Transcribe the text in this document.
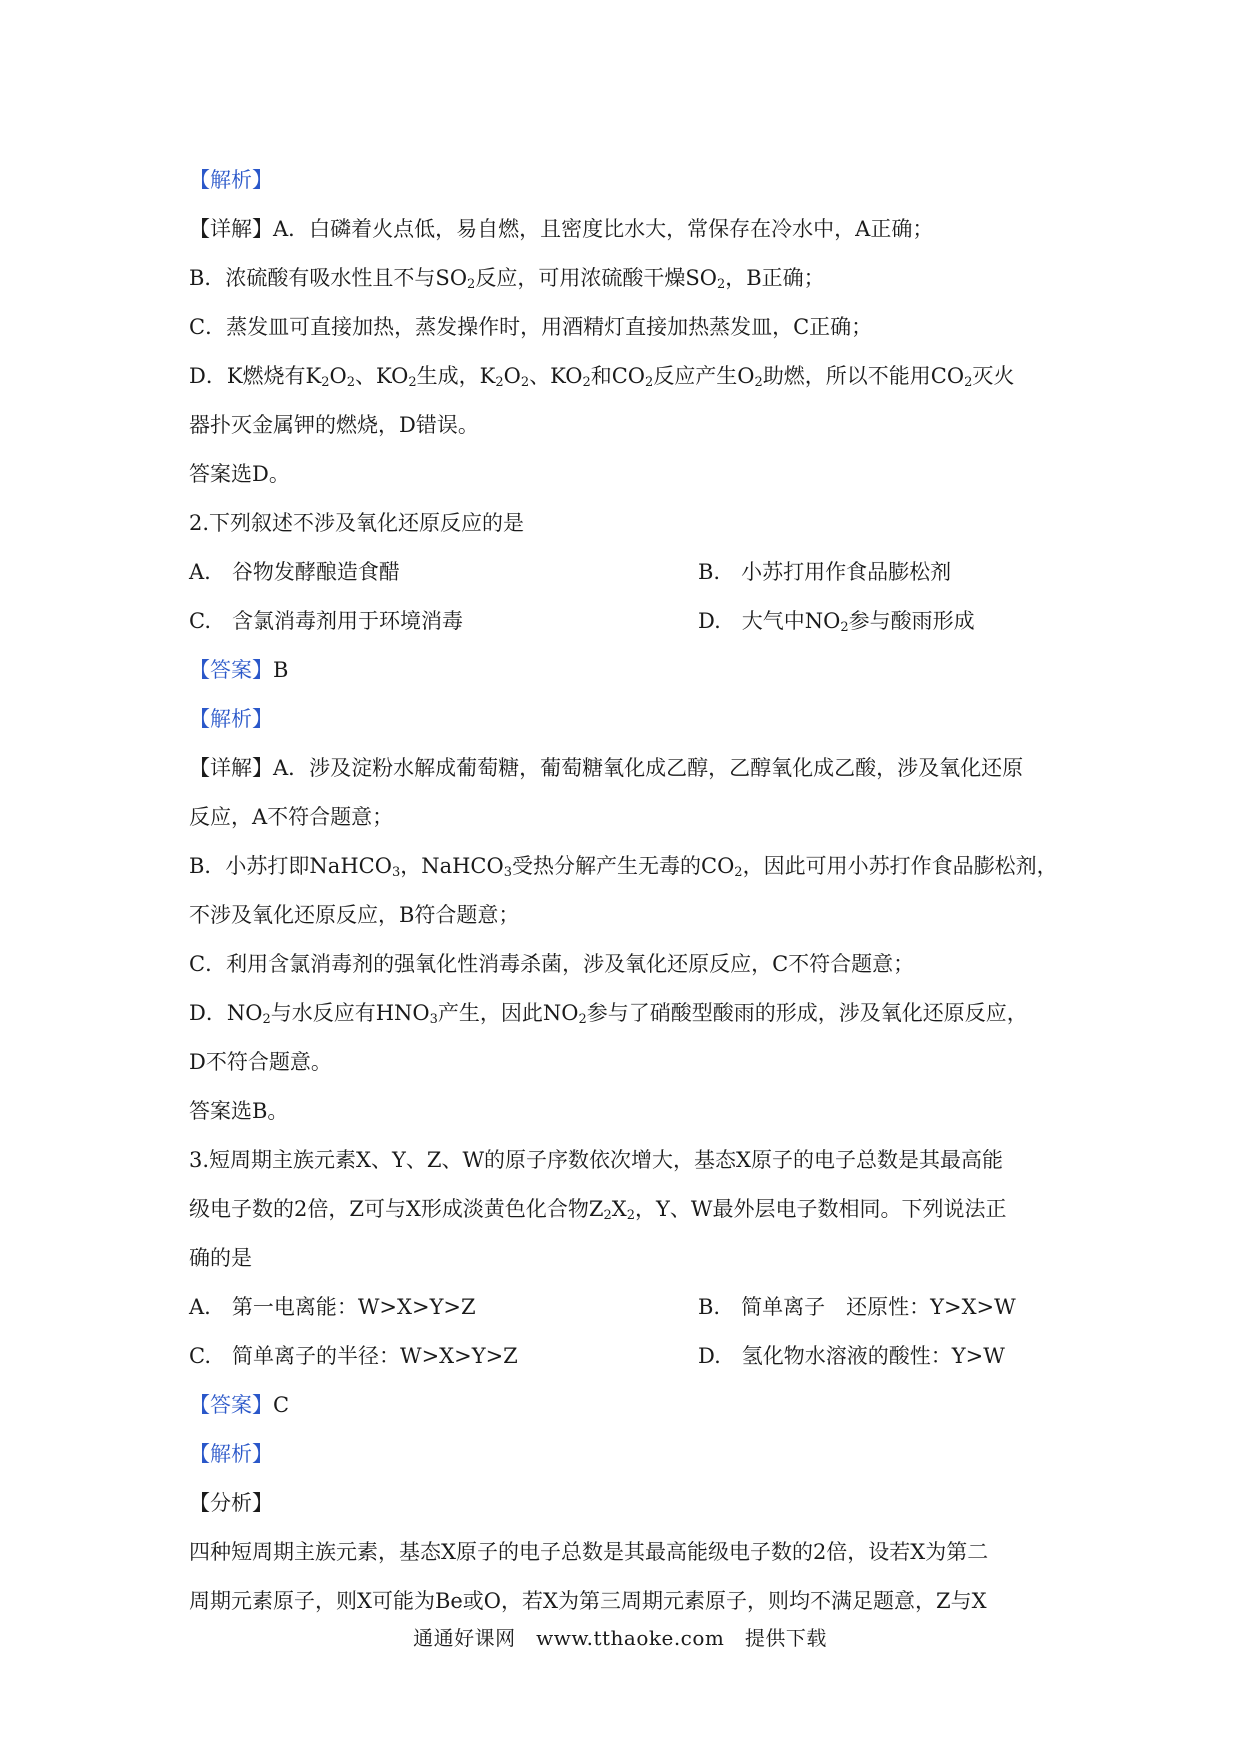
【解析】
【详解】A．白磷着火点低，易自燃，且密度比水大，常保存在冷水中，A正确；
B．浓硫酸有吸水性且不与$SO_2$反应，可用浓硫酸干燥$SO_2$，B正确；
C．蒸发皿可直接加热，蒸发操作时，用酒精灯直接加热蒸发皿，C正确；
D．K燃烧有$K_2O_2$、$KO_2$生成，$K_2O_2$、$KO_2$和$CO_2$反应产生$O_2$助燃，所以不能用$CO_2$灭火
器扑灭金属钾的燃烧，D错误。
答案选D。
2.下列叙述不涉及氧化还原反应的是
A.　谷物发酵酿造食醋	B.　小苏打用作食品膨松剂
C.　含氯消毒剂用于环境消毒	D.　大气中$NO_2$参与酸雨形成
【答案】B
【解析】
【详解】A．涉及淀粉水解成葡萄糖，葡萄糖氧化成乙醇，乙醇氧化成乙酸，涉及氧化还原
反应，A不符合题意；
B．小苏打即NaHCO$_3$，NaHCO$_3$受热分解产生无毒的$CO_2$，因此可用小苏打作食品膨松剂，
不涉及氧化还原反应，B符合题意；
C．利用含氯消毒剂的强氧化性消毒杀菌，涉及氧化还原反应，C不符合题意；
D．$NO_2$与水反应有$HNO_3$产生，因此$NO_2$参与了硝酸型酸雨的形成，涉及氧化还原反应，
D不符合题意。
答案选B。
3.短周期主族元素X、Y、Z、W的原子序数依次增大，基态X原子的电子总数是其最高能
级电子数的2倍，Z可与X形成淡黄色化合物$Z_2X_2$，Y、W最外层电子数相同。下列说法正
确的是
A.　第一电离能：W>X>Y>Z	B.　简单离子　还原性：Y>X>W
C.　简单离子的半径：W>X>Y>Z	D.　氢化物水溶液的酸性：Y>W
【答案】C
【解析】
【分析】
四种短周期主族元素，基态X原子的电子总数是其最高能级电子数的2倍，设若X为第二
周期元素原子，则X可能为Be或O，若X为第三周期元素原子，则均不满足题意，Z与X
通通好课网　www.tthaoke.com　提供下载
